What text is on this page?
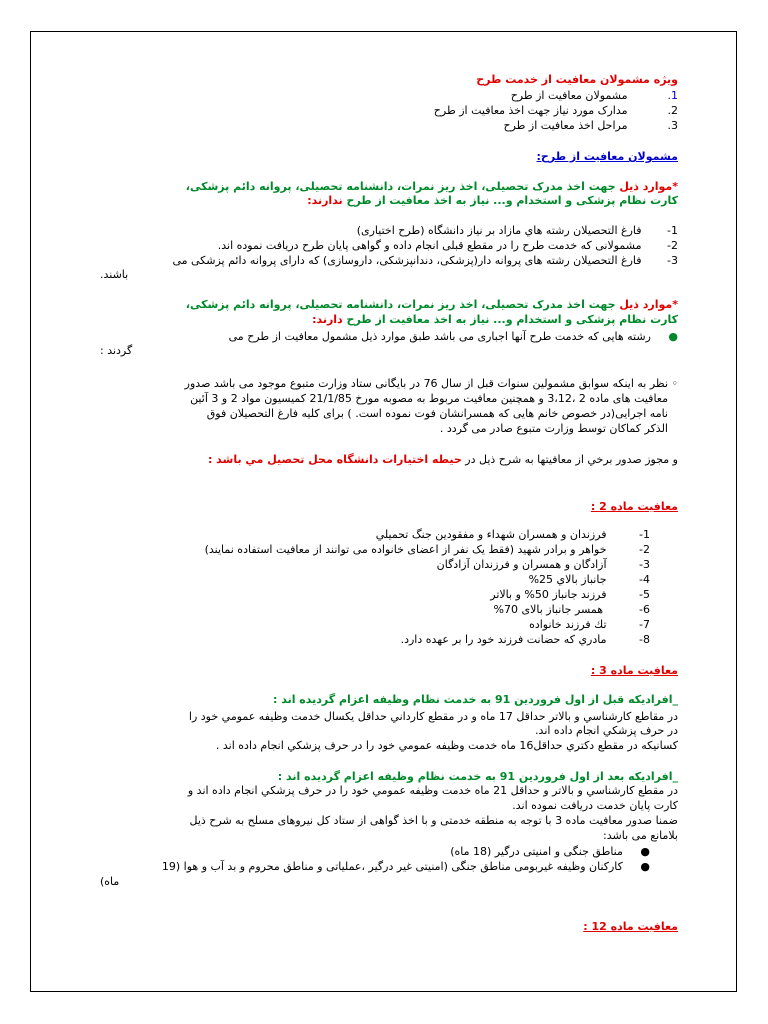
ویژه مشمولان معافیت از خدمت طرح
1.       مشمولان معافیت از طرح
2.       مدارک مورد نیاز جهت اخذ معافیت از طرح
3.       مراحل اخذ معافیت از طرح
مشمولان معافیت از طرح:
*موارد ذیل جهت اخذ مدرک تحصیلی، اخذ ریز نمرات، دانشنامه تحصیلی، پروانه دائم پزشکی،
کارت نظام پزشکی و استخدام و... نیاز به اخذ معافیت از طرح ندارند:
1-   فارغ التحصیلان رشته هاي مازاد بر نیاز دانشگاه (طرح اختیاری)
2-   مشمولانی که خدمت طرح را در مقطع قبلی انجام داده و گواهی پایان طرح دریافت نموده اند.
3-   فارغ التحصیلان رشته های پروانه دار(پزشکی، دندانپزشکی، داروسازی) که دارای پروانه دائم پزشکی می
باشند.
*موارد ذیل جهت اخذ مدرک تحصیلی، اخذ ریز نمرات، دانشنامه تحصیلی، پروانه دائم پزشکی،
کارت نظام پزشکی و استخدام و... نیاز به اخذ معافیت از طرح دارند:
●     رشته هایی که خدمت طرح آنها اجباری می باشد طبق موارد ذیل مشمول معافیت از طرح می
گردند :
◦ نظر به اینکه سوابق مشمولین سنوات قبل از سال 76 در بایگانی ستاد وزارت متبوع موجود می باشد صدور
معافیت های ماده 2 ،3،12 و همچنین معافیت مربوط به مصوبه مورخ 21/1/85 کمیسیون مواد 2 و 3 آئین
نامه اجرایی(در خصوص خانم هایی که همسرانشان فوت نموده است. ) برای کلیه فارغ التحصیلان فوق
الذکر کماکان توسط وزارت متبوع صادر می گردد .
و مجوز صدور برخي از معافيتها به شرح ذيل در حيطه اختيارات دانشگاه محل تحصيل مي باشد :
معافیت ماده 2 :
1-     فرزندان و همسران شهداء و مفقودين جنگ تحميلي
2-     خواهر و برادر شهید (فقط یک نفر از اعضای خانواده می توانند از معافیت استفاده نمایند)
3-     آزادگان و همسران و فرزندان آزادگان
4-     جانباز بالاي 25%
5-     فرزند جانباز 50% و بالاتر
6-      همسر جانباز بالای 70%
7-     تك فرزند خانواده
8-     مادري كه حضانت فرزند خود را بر عهده دارد.
معافيت ماده 3 :
_افراديكه قبل از اول فروردين 91 به خدمت نظام وظيفه اعزام گرديده اند :
در مقاطع كارشناسي و بالاتر حداقل 17 ماه و در مقطع كارداني حداقل يكسال خدمت وظيفه عمومي خود را
در حرف پزشكي انجام داده اند.
كسانيكه در مقطع دكتري حداقل16 ماه خدمت وظيفه عمومي خود را در حرف پزشكي انجام داده اند .
_افراديكه بعد از اول فروردين 91 به خدمت نظام وظيفه اعزام گرديده اند :
در مقطع كارشناسي و بالاتر و حداقل 21 ماه خدمت وظيفه عمومي خود را در حرف پزشكي انجام داده اند و
كارت پايان خدمت دريافت نموده اند.
ضمنا صدور معافیت ماده 3 با توجه به منطقه خدمتی و با اخذ گواهی از ستاد کل نیروهای مسلح به شرح ذیل
بلامانع می باشد:
●     مناطق جنگی و امنیتی درگیر (18 ماه)
●     کارکنان وظیفه غیربومی مناطق جنگی (امنیتی غیر درگیر ،عملیاتی و مناطق محروم و بد آب و هوا (19
ماه)
معافیت ماده 12 :
